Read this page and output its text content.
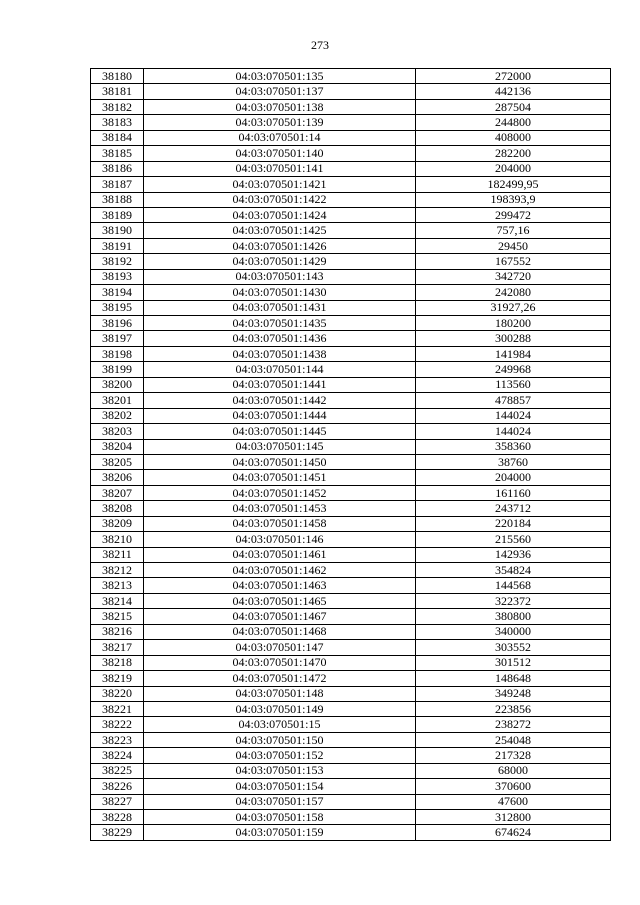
273
38180	04:03:070501:135	272000
38181	04:03:070501:137	442136
38182	04:03:070501:138	287504
38183	04:03:070501:139	244800
38184	04:03:070501:14	408000
38185	04:03:070501:140	282200
38186	04:03:070501:141	204000
38187	04:03:070501:1421	182499,95
38188	04:03:070501:1422	198393,9
38189	04:03:070501:1424	299472
38190	04:03:070501:1425	757,16
38191	04:03:070501:1426	29450
38192	04:03:070501:1429	167552
38193	04:03:070501:143	342720
38194	04:03:070501:1430	242080
38195	04:03:070501:1431	31927,26
38196	04:03:070501:1435	180200
38197	04:03:070501:1436	300288
38198	04:03:070501:1438	141984
38199	04:03:070501:144	249968
38200	04:03:070501:1441	113560
38201	04:03:070501:1442	478857
38202	04:03:070501:1444	144024
38203	04:03:070501:1445	144024
38204	04:03:070501:145	358360
38205	04:03:070501:1450	38760
38206	04:03:070501:1451	204000
38207	04:03:070501:1452	161160
38208	04:03:070501:1453	243712
38209	04:03:070501:1458	220184
38210	04:03:070501:146	215560
38211	04:03:070501:1461	142936
38212	04:03:070501:1462	354824
38213	04:03:070501:1463	144568
38214	04:03:070501:1465	322372
38215	04:03:070501:1467	380800
38216	04:03:070501:1468	340000
38217	04:03:070501:147	303552
38218	04:03:070501:1470	301512
38219	04:03:070501:1472	148648
38220	04:03:070501:148	349248
38221	04:03:070501:149	223856
38222	04:03:070501:15	238272
38223	04:03:070501:150	254048
38224	04:03:070501:152	217328
38225	04:03:070501:153	68000
38226	04:03:070501:154	370600
38227	04:03:070501:157	47600
38228	04:03:070501:158	312800
38229	04:03:070501:159	674624
